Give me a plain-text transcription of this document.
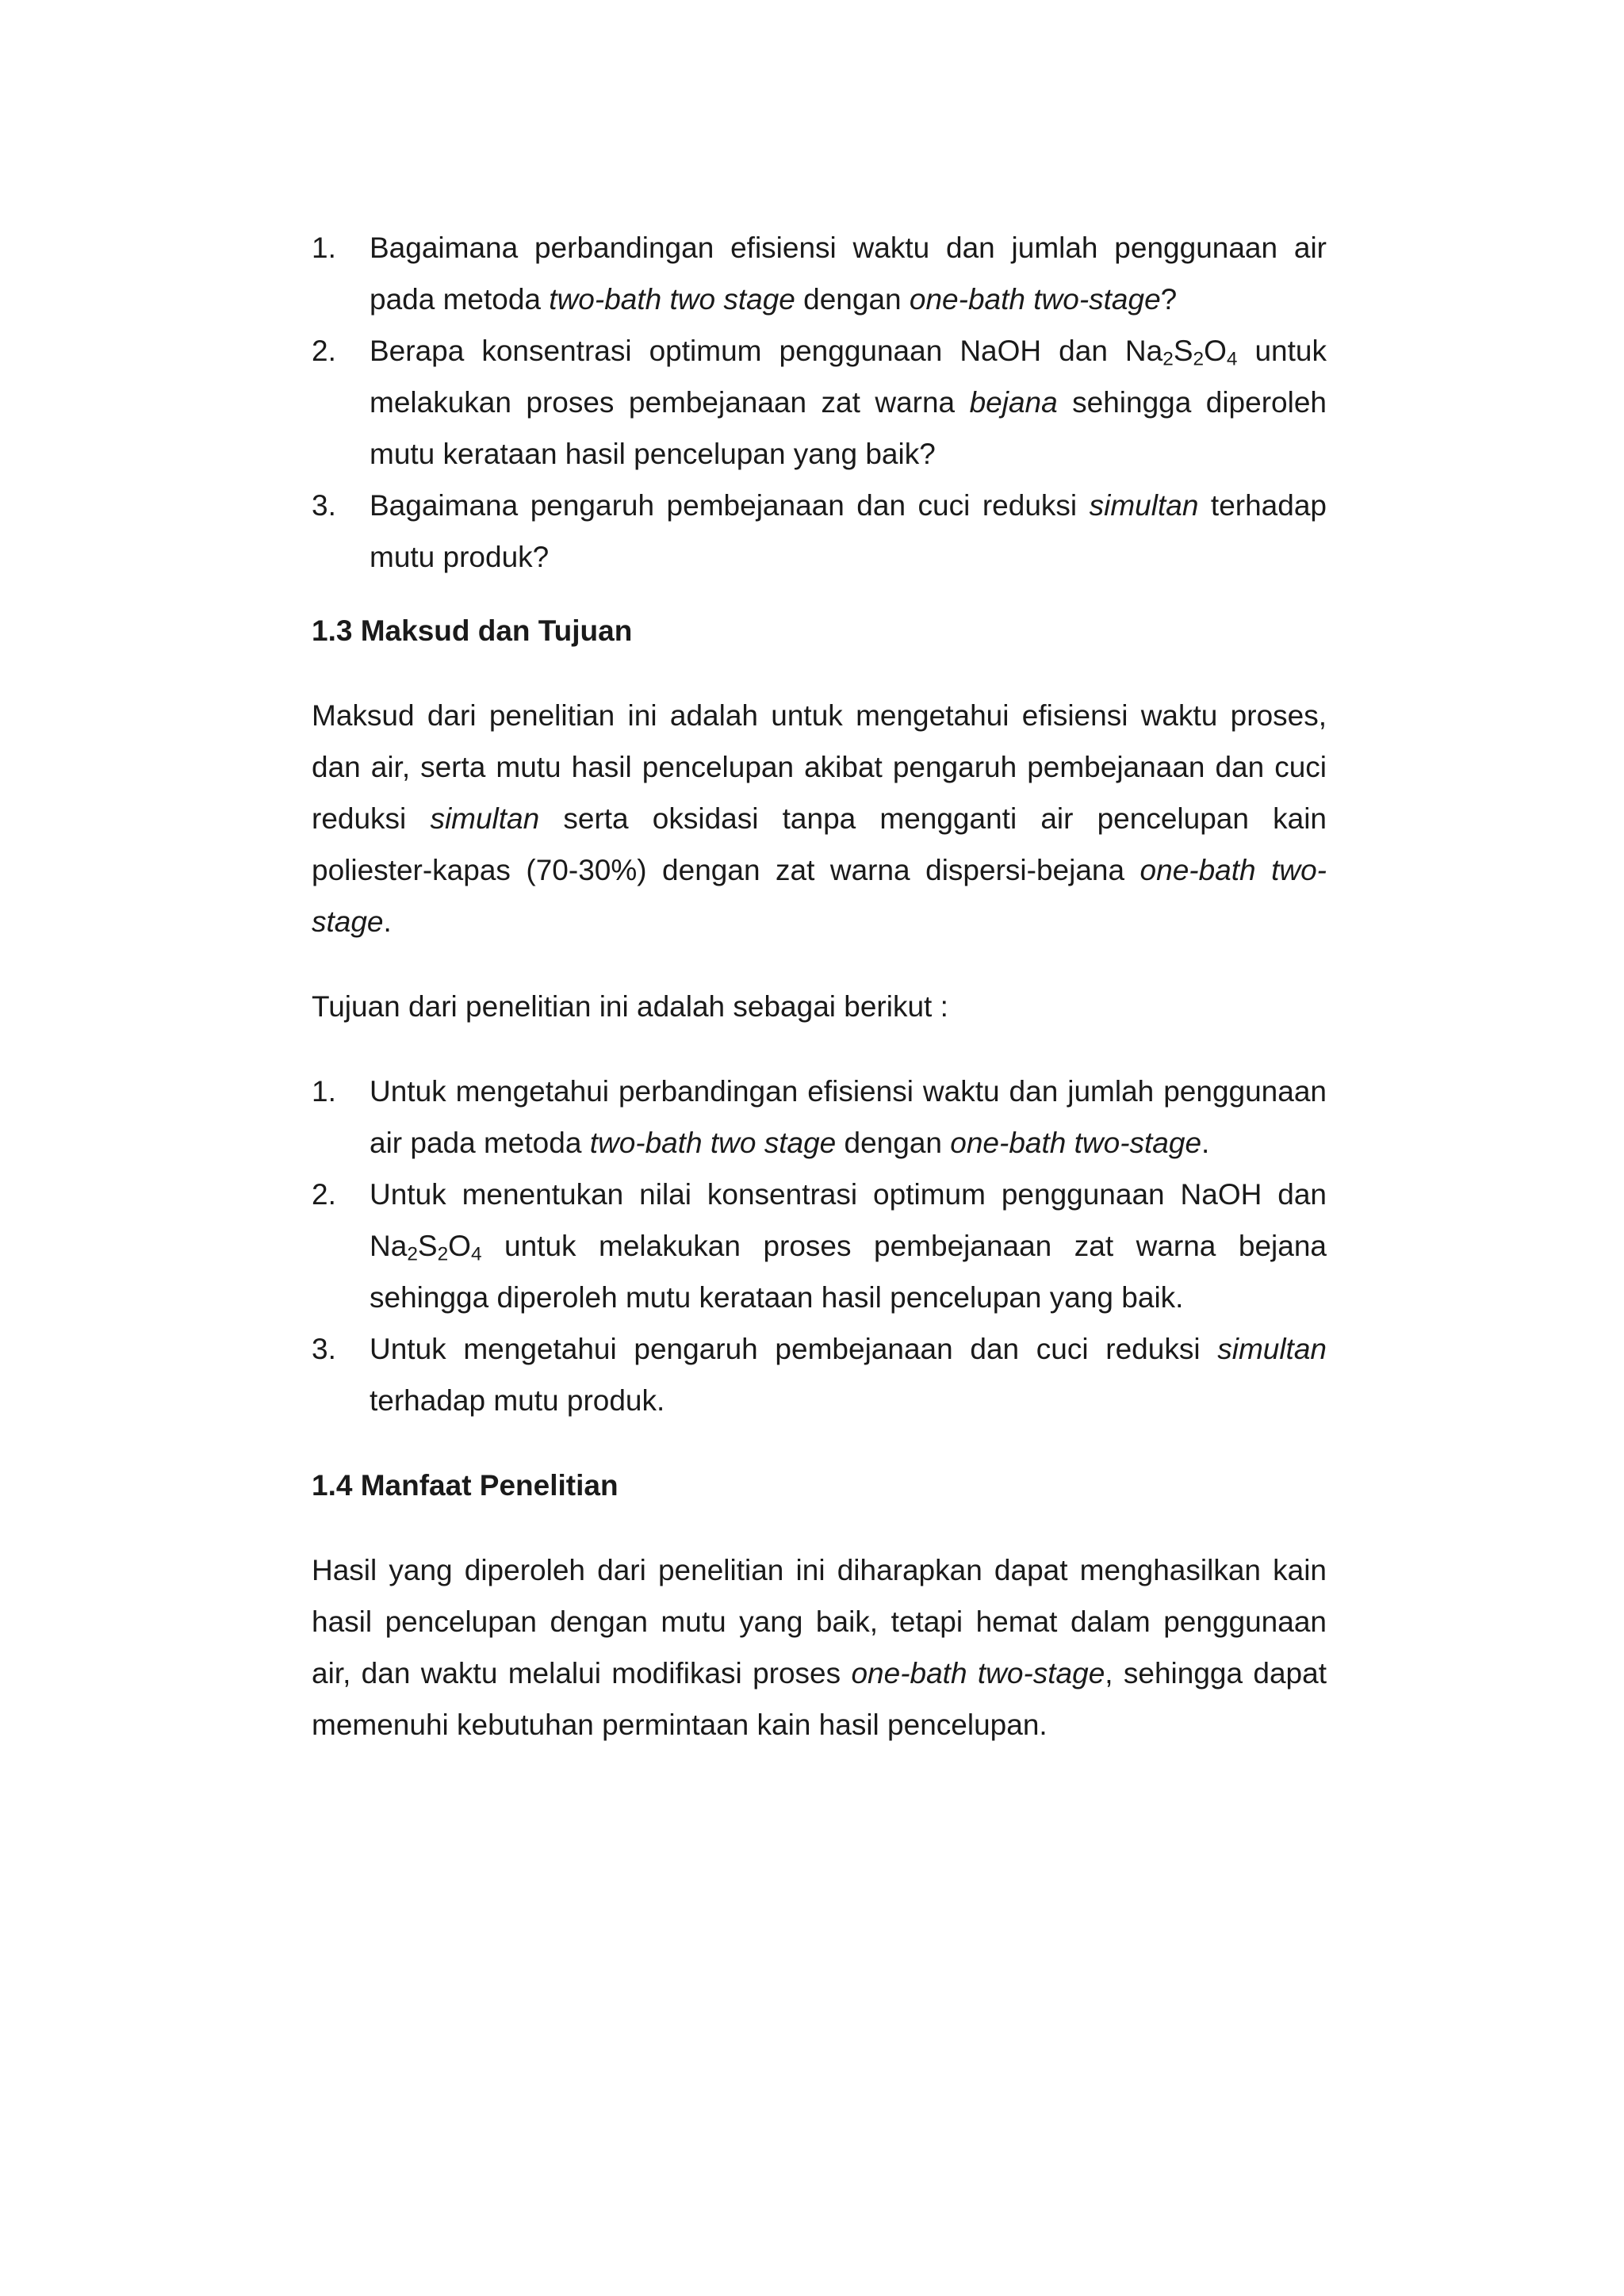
1. Bagaimana perbandingan efisiensi waktu dan jumlah penggunaan air pada metoda two-bath two stage dengan one-bath two-stage?
2. Berapa konsentrasi optimum penggunaan NaOH dan $Na_2S_2O_4$ untuk melakukan proses pembejanaan zat warna bejana sehingga diperoleh mutu kerataan hasil pencelupan yang baik?
3. Bagaimana pengaruh pembejanaan dan cuci reduksi simultan terhadap mutu produk?
1.3 Maksud dan Tujuan

Maksud dari penelitian ini adalah untuk mengetahui efisiensi waktu proses, dan air, serta mutu hasil pencelupan akibat pengaruh pembejanaan dan cuci reduksi simultan serta oksidasi tanpa mengganti air pencelupan kain poliester-kapas (70-30%) dengan zat warna dispersi-bejana one-bath two-stage.

Tujuan dari penelitian ini adalah sebagai berikut :

1. Untuk mengetahui perbandingan efisiensi waktu dan jumlah penggunaan air pada metoda two-bath two stage dengan one-bath two-stage.
2. Untuk menentukan nilai konsentrasi optimum penggunaan NaOH dan $Na_2S_2O_4$ untuk melakukan proses pembejanaan zat warna bejana sehingga diperoleh mutu kerataan hasil pencelupan yang baik.
3. Untuk mengetahui pengaruh pembejanaan dan cuci reduksi simultan terhadap mutu produk.
1.4 Manfaat Penelitian

Hasil yang diperoleh dari penelitian ini diharapkan dapat menghasilkan kain hasil pencelupan dengan mutu yang baik, tetapi hemat dalam penggunaan air, dan waktu melalui modifikasi proses one-bath two-stage, sehingga dapat memenuhi kebutuhan permintaan kain hasil pencelupan.
